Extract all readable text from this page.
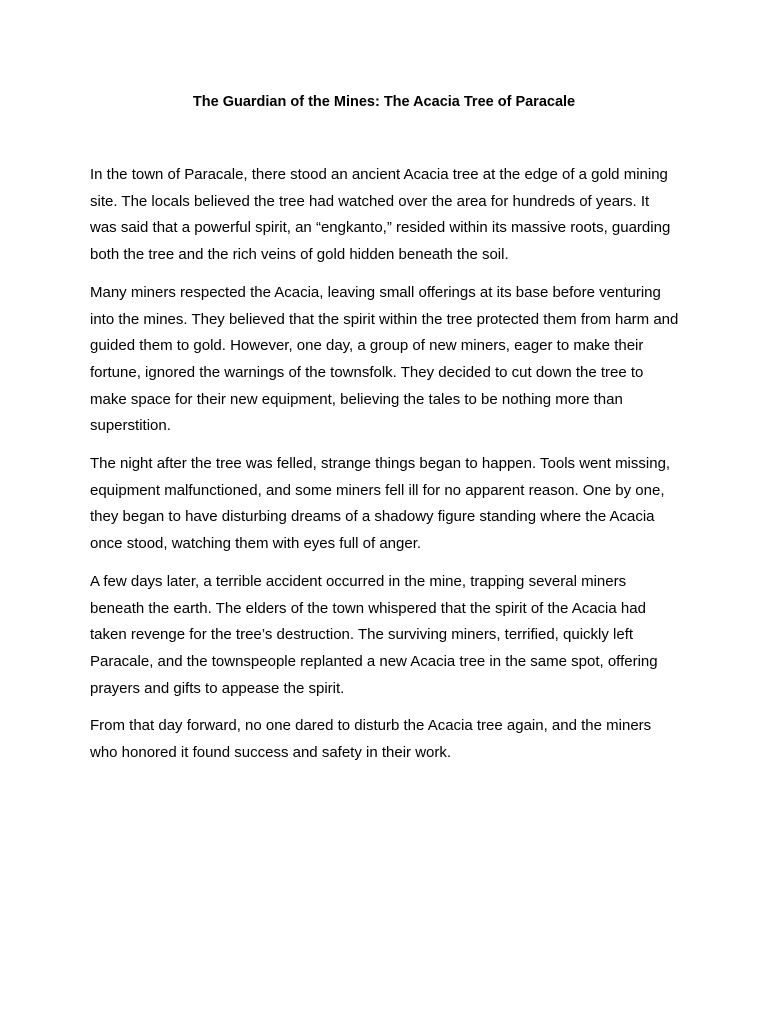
The Guardian of the Mines: The Acacia Tree of Paracale

In the town of Paracale, there stood an ancient Acacia tree at the edge of a gold mining site. The locals believed the tree had watched over the area for hundreds of years. It was said that a powerful spirit, an “engkanto,” resided within its massive roots, guarding both the tree and the rich veins of gold hidden beneath the soil.

Many miners respected the Acacia, leaving small offerings at its base before venturing into the mines. They believed that the spirit within the tree protected them from harm and guided them to gold. However, one day, a group of new miners, eager to make their fortune, ignored the warnings of the townsfolk. They decided to cut down the tree to make space for their new equipment, believing the tales to be nothing more than superstition.

The night after the tree was felled, strange things began to happen. Tools went missing, equipment malfunctioned, and some miners fell ill for no apparent reason. One by one, they began to have disturbing dreams of a shadowy figure standing where the Acacia once stood, watching them with eyes full of anger.

A few days later, a terrible accident occurred in the mine, trapping several miners beneath the earth. The elders of the town whispered that the spirit of the Acacia had taken revenge for the tree’s destruction. The surviving miners, terrified, quickly left Paracale, and the townspeople replanted a new Acacia tree in the same spot, offering prayers and gifts to appease the spirit.

From that day forward, no one dared to disturb the Acacia tree again, and the miners who honored it found success and safety in their work.
